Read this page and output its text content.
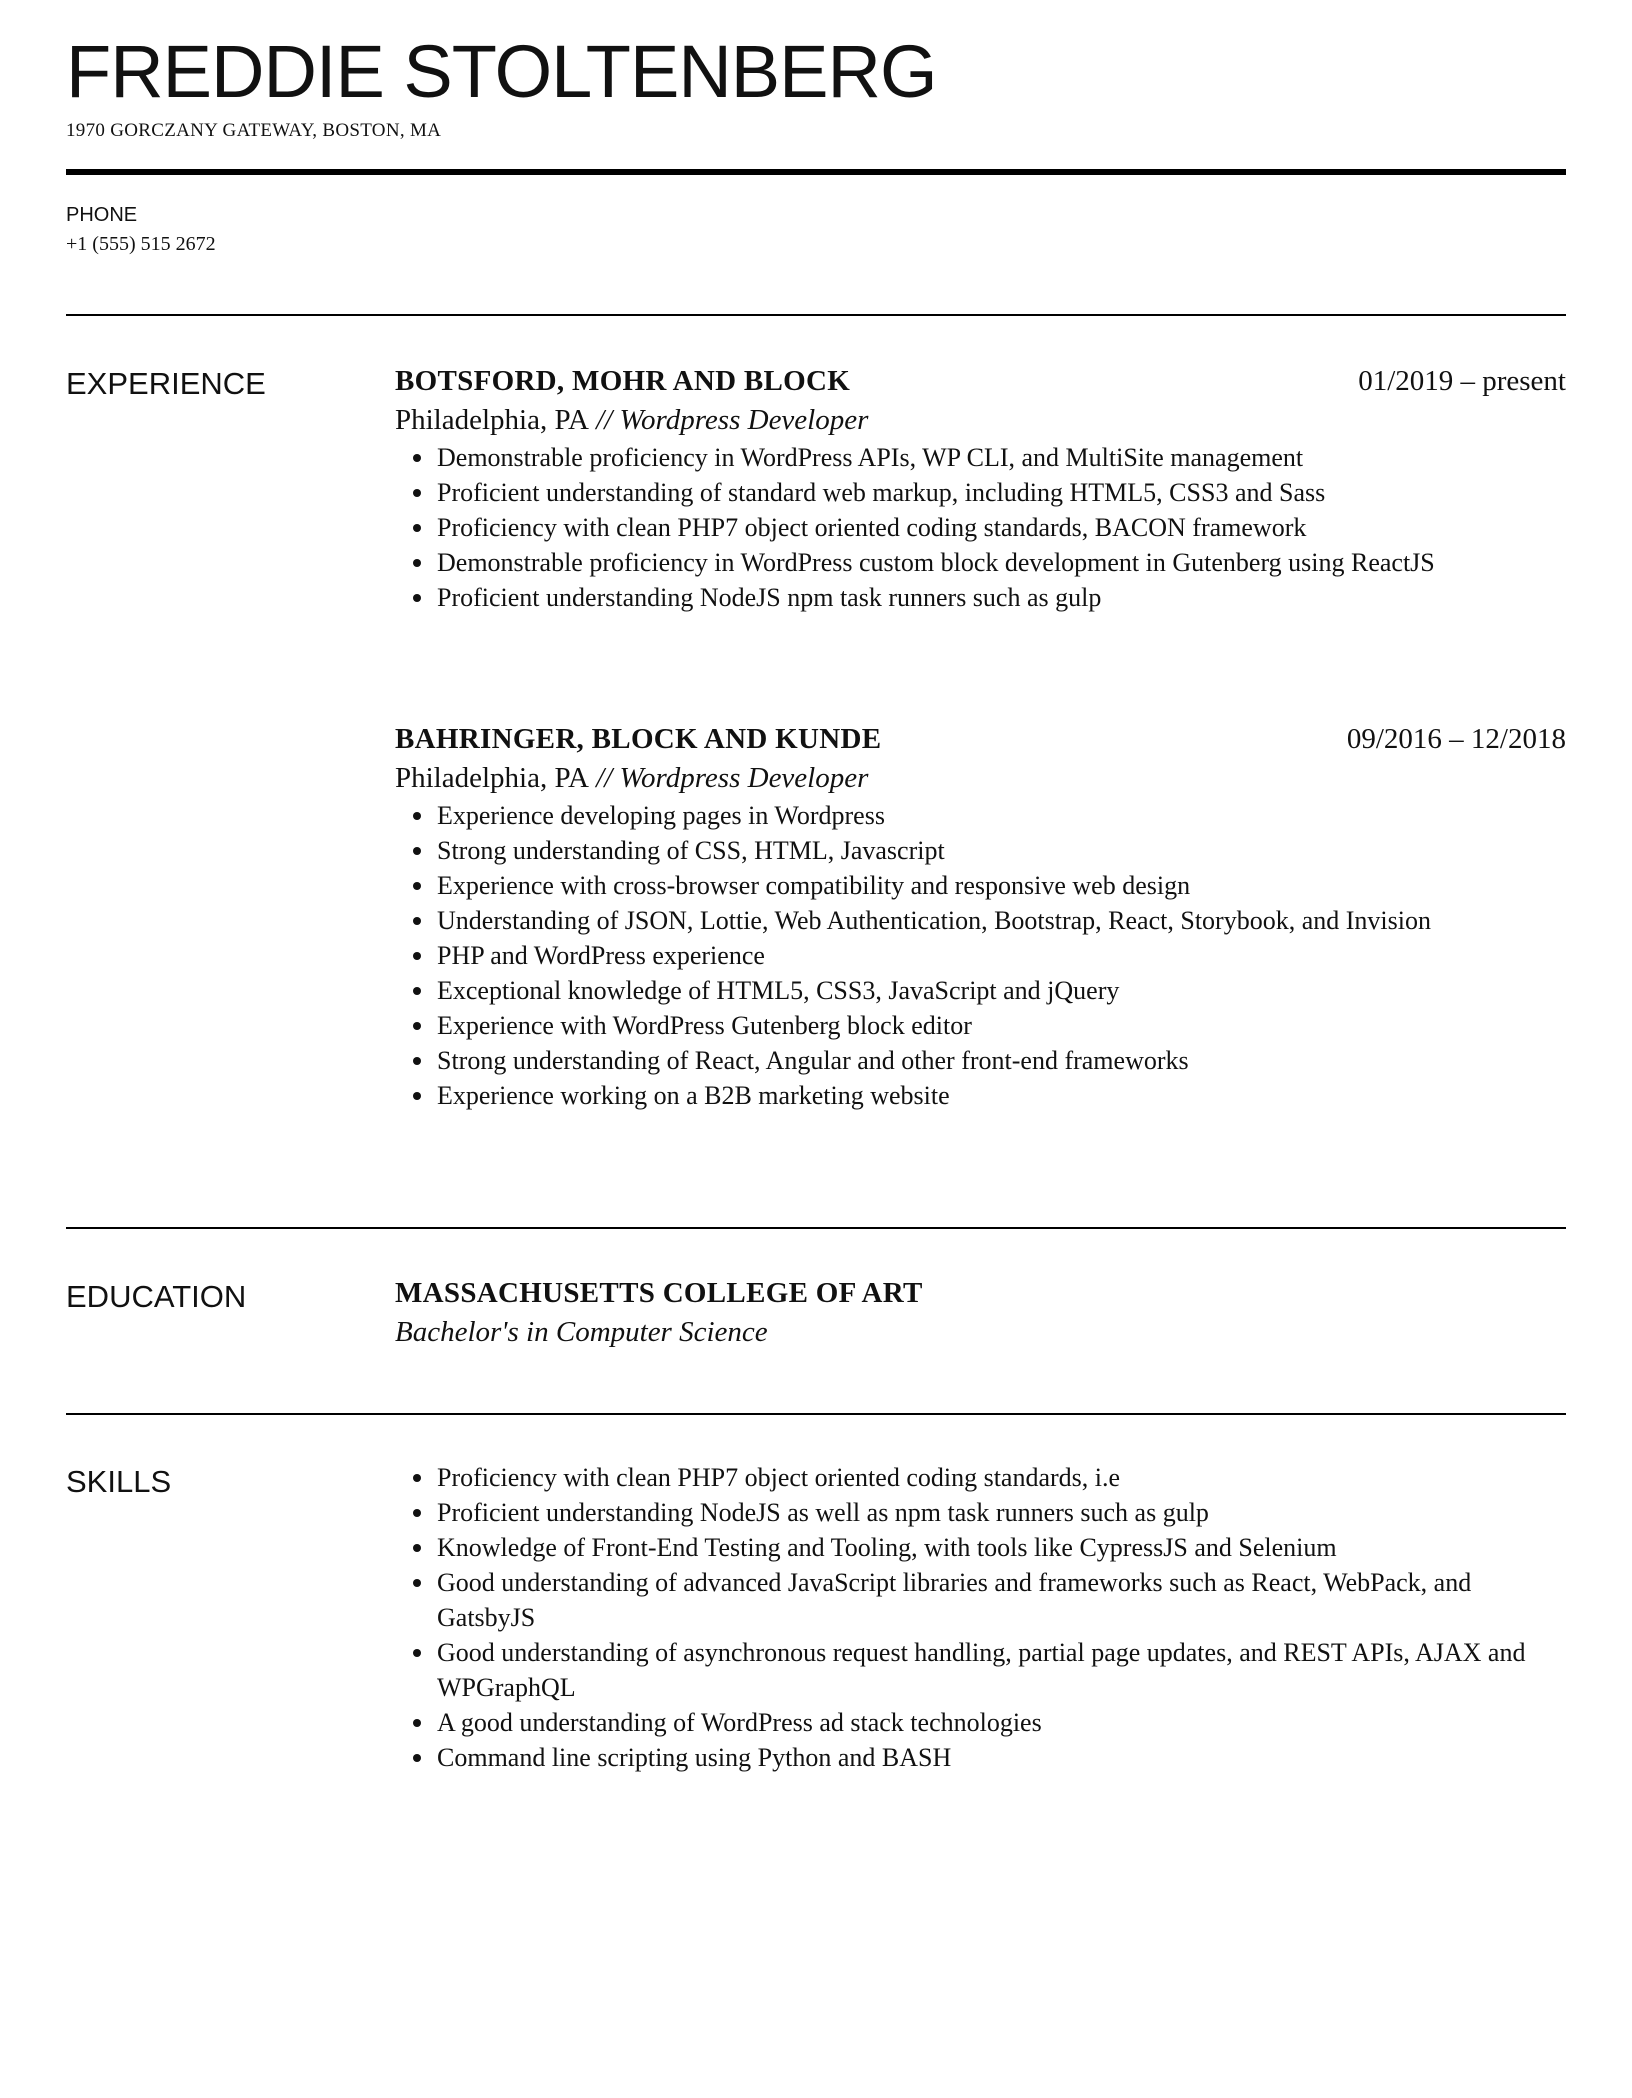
FREDDIE STOLTENBERG
1970 GORCZANY GATEWAY, BOSTON, MA
PHONE
+1 (555) 515 2672
EXPERIENCE	BOTSFORD, MOHR AND BLOCK	01/2019 – present
Philadelphia, PA // Wordpress Developer
Demonstrable proficiency in WordPress APIs, WP CLI, and MultiSite management
Proficient understanding of standard web markup, including HTML5, CSS3 and Sass
Proficiency with clean PHP7 object oriented coding standards, BACON framework
Demonstrable proficiency in WordPress custom block development in Gutenberg using ReactJS
Proficient understanding NodeJS npm task runners such as gulp
BAHRINGER, BLOCK AND KUNDE	09/2016 – 12/2018
Philadelphia, PA // Wordpress Developer
Experience developing pages in Wordpress
Strong understanding of CSS, HTML, Javascript
Experience with cross-browser compatibility and responsive web design
Understanding of JSON, Lottie, Web Authentication, Bootstrap, React, Storybook, and Invision
PHP and WordPress experience
Exceptional knowledge of HTML5, CSS3, JavaScript and jQuery
Experience with WordPress Gutenberg block editor
Strong understanding of React, Angular and other front-end frameworks
Experience working on a B2B marketing website
EDUCATION	MASSACHUSETTS COLLEGE OF ART
Bachelor's in Computer Science
SKILLS	Proficiency with clean PHP7 object oriented coding standards, i.e
Proficient understanding NodeJS as well as npm task runners such as gulp
Knowledge of Front-End Testing and Tooling, with tools like CypressJS and Selenium
Good understanding of advanced JavaScript libraries and frameworks such as React, WebPack, and GatsbyJS
Good understanding of asynchronous request handling, partial page updates, and REST APIs, AJAX and WPGraphQL
A good understanding of WordPress ad stack technologies
Command line scripting using Python and BASH
